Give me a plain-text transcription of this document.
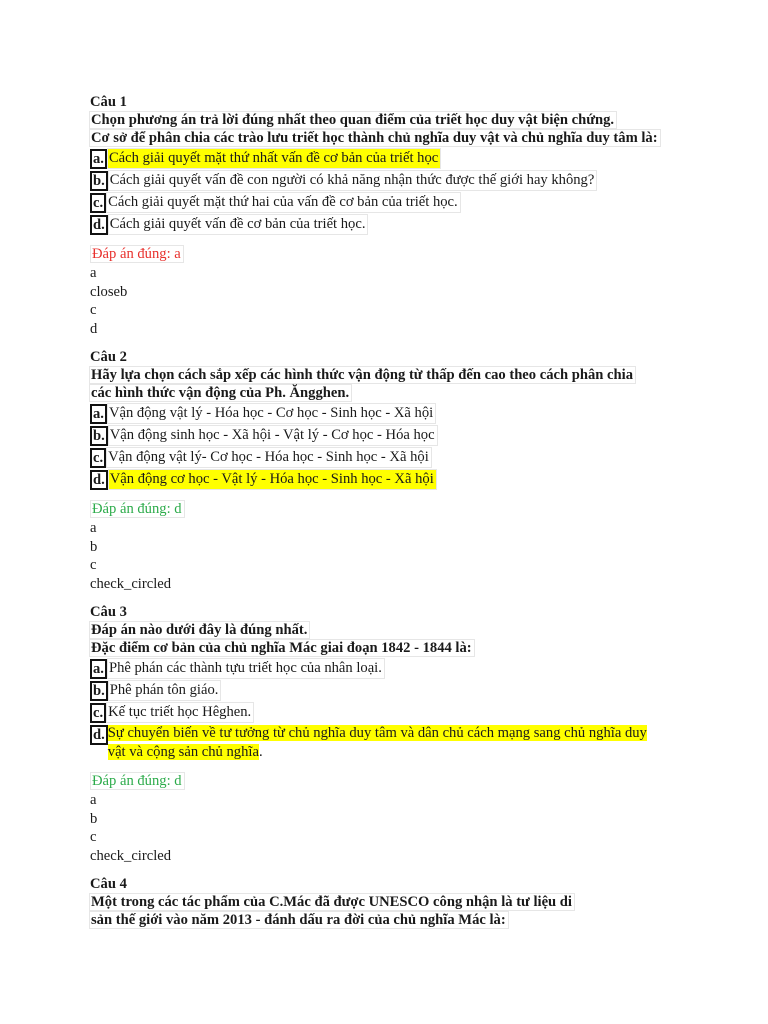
Câu 1
Chọn phương án trả lời đúng nhất theo quan điểm của triết học duy vật biện chứng.
Cơ sở để phân chia các trào lưu triết học thành chủ nghĩa duy vật và chủ nghĩa duy tâm là:
a. Cách giải quyết mặt thứ nhất vấn đề cơ bản của triết học
b. Cách giải quyết vấn đề con người có khả năng nhận thức được thế giới hay không?
c. Cách giải quyết mặt thứ hai của vấn đề cơ bản của triết học.
d. Cách giải quyết vấn đề cơ bản của triết học.
Đáp án đúng: a
a
closeb
c
d
Câu 2
Hãy lựa chọn cách sắp xếp các hình thức vận động từ thấp đến cao theo cách phân chia
các hình thức vận động của Ph. Ăngghen.
a. Vận động vật lý - Hóa học - Cơ học - Sinh học - Xã hội
b. Vận động sinh học - Xã hội - Vật lý - Cơ học - Hóa học
c. Vận động vật lý- Cơ học - Hóa học - Sinh học - Xã hội
d. Vận động cơ học - Vật lý - Hóa học - Sinh học - Xã hội
Đáp án đúng: d
a
b
c
check_circled
Câu 3
Đáp án nào dưới đây là đúng nhất.
Đặc điểm cơ bản của chủ nghĩa Mác giai đoạn 1842 - 1844 là:
a. Phê phán các thành tựu triết học của nhân loại.
b. Phê phán tôn giáo.
c. Kế tục triết học Hêghen.
d. Sự chuyển biến về tư tưởng từ chủ nghĩa duy tâm và dân chủ cách mạng sang chủ nghĩa duy
vật và cộng sản chủ nghĩa.
Đáp án đúng: d
a
b
c
check_circled
Câu 4
Một trong các tác phẩm của C.Mác đã được UNESCO công nhận là tư liệu di
sản thế giới vào năm 2013 - đánh dấu ra đời của chủ nghĩa Mác là:
